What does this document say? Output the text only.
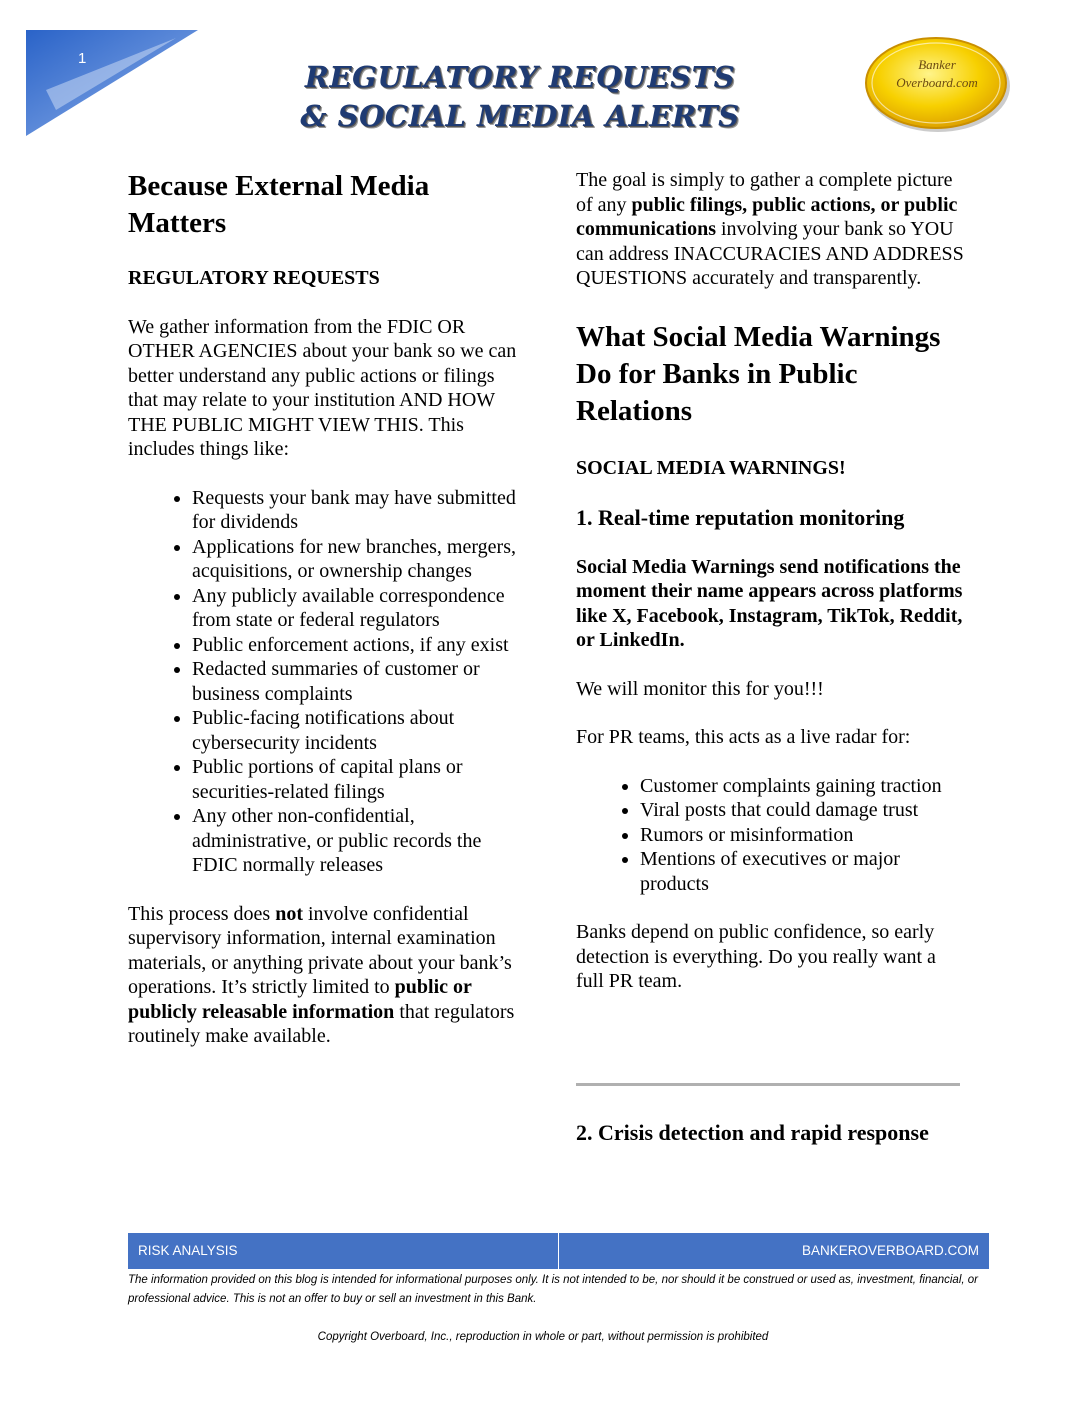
1
REGULATORY REQUESTS
& SOCIAL MEDIA ALERTS
Banker
Overboard.com
Because External Media Matters

REGULATORY REQUESTS

We gather information from the FDIC OR OTHER AGENCIES about your bank so we can better understand any public actions or filings that may relate to your institution AND HOW THE PUBLIC MIGHT VIEW THIS. This includes things like:

• Requests your bank may have submitted for dividends
• Applications for new branches, mergers, acquisitions, or ownership changes
• Any publicly available correspondence from state or federal regulators
• Public enforcement actions, if any exist
• Redacted summaries of customer or business complaints
• Public-facing notifications about cybersecurity incidents
• Public portions of capital plans or securities-related filings
• Any other non-confidential, administrative, or public records the FDIC normally releases

This process does not involve confidential supervisory information, internal examination materials, or anything private about your bank’s operations. It’s strictly limited to public or publicly releasable information that regulators routinely make available.

The goal is simply to gather a complete picture of any public filings, public actions, or public communications involving your bank so YOU can address INACCURACIES AND ADDRESS QUESTIONS accurately and transparently.

What Social Media Warnings Do for Banks in Public Relations

SOCIAL MEDIA WARNINGS!

1. Real-time reputation monitoring

Social Media Warnings send notifications the moment their name appears across platforms like X, Facebook, Instagram, TikTok, Reddit, or LinkedIn.

We will monitor this for you!!!

For PR teams, this acts as a live radar for:

• Customer complaints gaining traction
• Viral posts that could damage trust
• Rumors or misinformation
• Mentions of executives or major products

Banks depend on public confidence, so early detection is everything. Do you really want a full PR team.

2. Crisis detection and rapid response

RISK ANALYSIS	BANKEROVERBOARD.COM
The information provided on this blog is intended for informational purposes only. It is not intended to be, nor should it be construed or used as, investment, financial, or professional advice. This is not an offer to buy or sell an investment in this Bank.
Copyright Overboard, Inc., reproduction in whole or part, without permission is prohibited
